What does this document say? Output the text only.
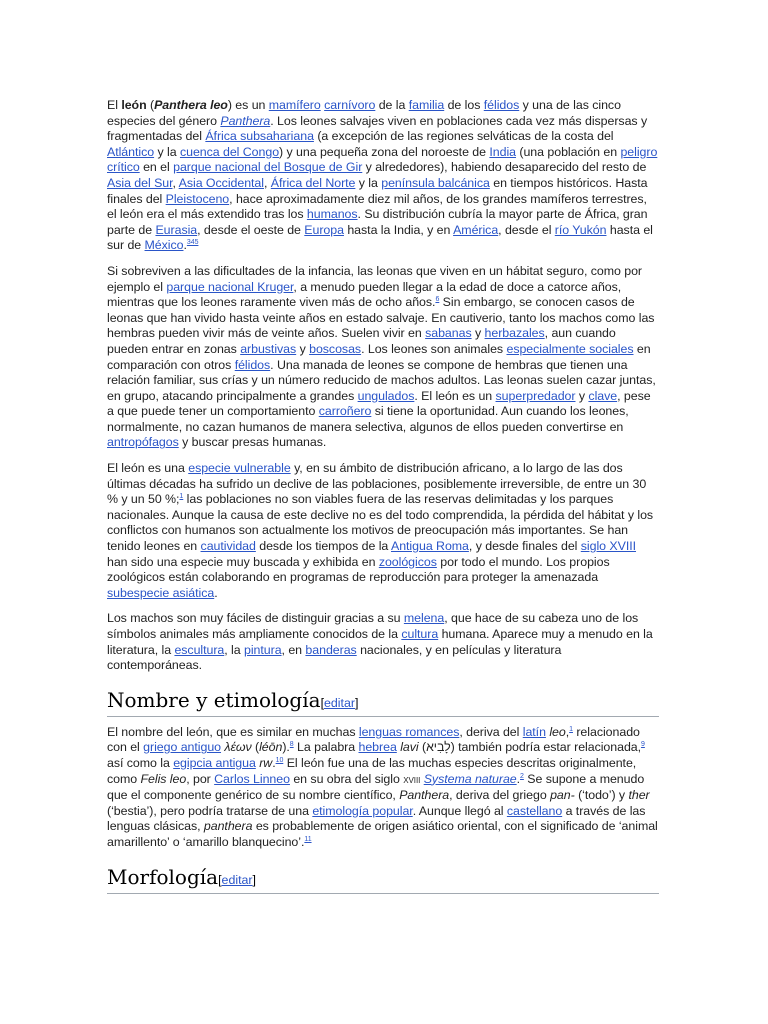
El león (Panthera leo) es un mamífero carnívoro de la familia de los félidos y una de las cinco especies del género Panthera. Los leones salvajes viven en poblaciones cada vez más dispersas y fragmentadas del África subsahariana (a excepción de las regiones selváticas de la costa del Atlántico y la cuenca del Congo) y una pequeña zona del noroeste de India (una población en peligro crítico en el parque nacional del Bosque de Gir y alrededores), habiendo desaparecido del resto de Asia del Sur, Asia Occidental, África del Norte y la península balcánica en tiempos históricos. Hasta finales del Pleistoceno, hace aproximadamente diez mil años, de los grandes mamíferos terrestres, el león era el más extendido tras los humanos. Su distribución cubría la mayor parte de África, gran parte de Eurasia, desde el oeste de Europa hasta la India, y en América, desde el río Yukón hasta el sur de México.$^{345}$

Si sobreviven a las dificultades de la infancia, las leonas que viven en un hábitat seguro, como por ejemplo el parque nacional Kruger, a menudo pueden llegar a la edad de doce a catorce años, mientras que los leones raramente viven más de ocho años.$^6$ Sin embargo, se conocen casos de leonas que han vivido hasta veinte años en estado salvaje. En cautiverio, tanto los machos como las hembras pueden vivir más de veinte años. Suelen vivir en sabanas y herbazales, aun cuando pueden entrar en zonas arbustivas y boscosas. Los leones son animales especialmente sociales en comparación con otros félidos. Una manada de leones se compone de hembras que tienen una relación familiar, sus crías y un número reducido de machos adultos. Las leonas suelen cazar juntas, en grupo, atacando principalmente a grandes ungulados. El león es un superpredador y clave, pese a que puede tener un comportamiento carroñero si tiene la oportunidad. Aun cuando los leones, normalmente, no cazan humanos de manera selectiva, algunos de ellos pueden convertirse en antropófagos y buscar presas humanas.

El león es una especie vulnerable y, en su ámbito de distribución africano, a lo largo de las dos últimas décadas ha sufrido un declive de las poblaciones, posiblemente irreversible, de entre un 30 % y un 50 %;$^1$ las poblaciones no son viables fuera de las reservas delimitadas y los parques nacionales. Aunque la causa de este declive no es del todo comprendida, la pérdida del hábitat y los conflictos con humanos son actualmente los motivos de preocupación más importantes. Se han tenido leones en cautividad desde los tiempos de la Antigua Roma, y desde finales del siglo XVIII han sido una especie muy buscada y exhibida en zoológicos por todo el mundo. Los propios zoológicos están colaborando en programas de reproducción para proteger la amenazada subespecie asiática.

Los machos son muy fáciles de distinguir gracias a su melena, que hace de su cabeza uno de los símbolos animales más ampliamente conocidos de la cultura humana. Aparece muy a menudo en la literatura, la escultura, la pintura, en banderas nacionales, y en películas y literatura contemporáneas.

Nombre y etimología[editar]

El nombre del león, que es similar en muchas lenguas romances, deriva del latín leo,$^1$ relacionado con el griego antiguo λέων (léōn).$^8$ La palabra hebrea lavi (לָבִיא) también podría estar relacionada,$^9$ así como la egipcia antigua rw.$^{10}$ El león fue una de las muchas especies descritas originalmente, como Felis leo, por Carlos Linneo en su obra del siglo xviii Systema naturae.$^2$ Se supone a menudo que el componente genérico de su nombre científico, Panthera, deriva del griego pan- (‘todo’) y ther (‘bestia’), pero podría tratarse de una etimología popular. Aunque llegó al castellano a través de las lenguas clásicas, panthera es probablemente de origen asiático oriental, con el significado de ‘animal amarillento’ o ‘amarillo blanquecino’.$^{11}$

Morfología[editar]
